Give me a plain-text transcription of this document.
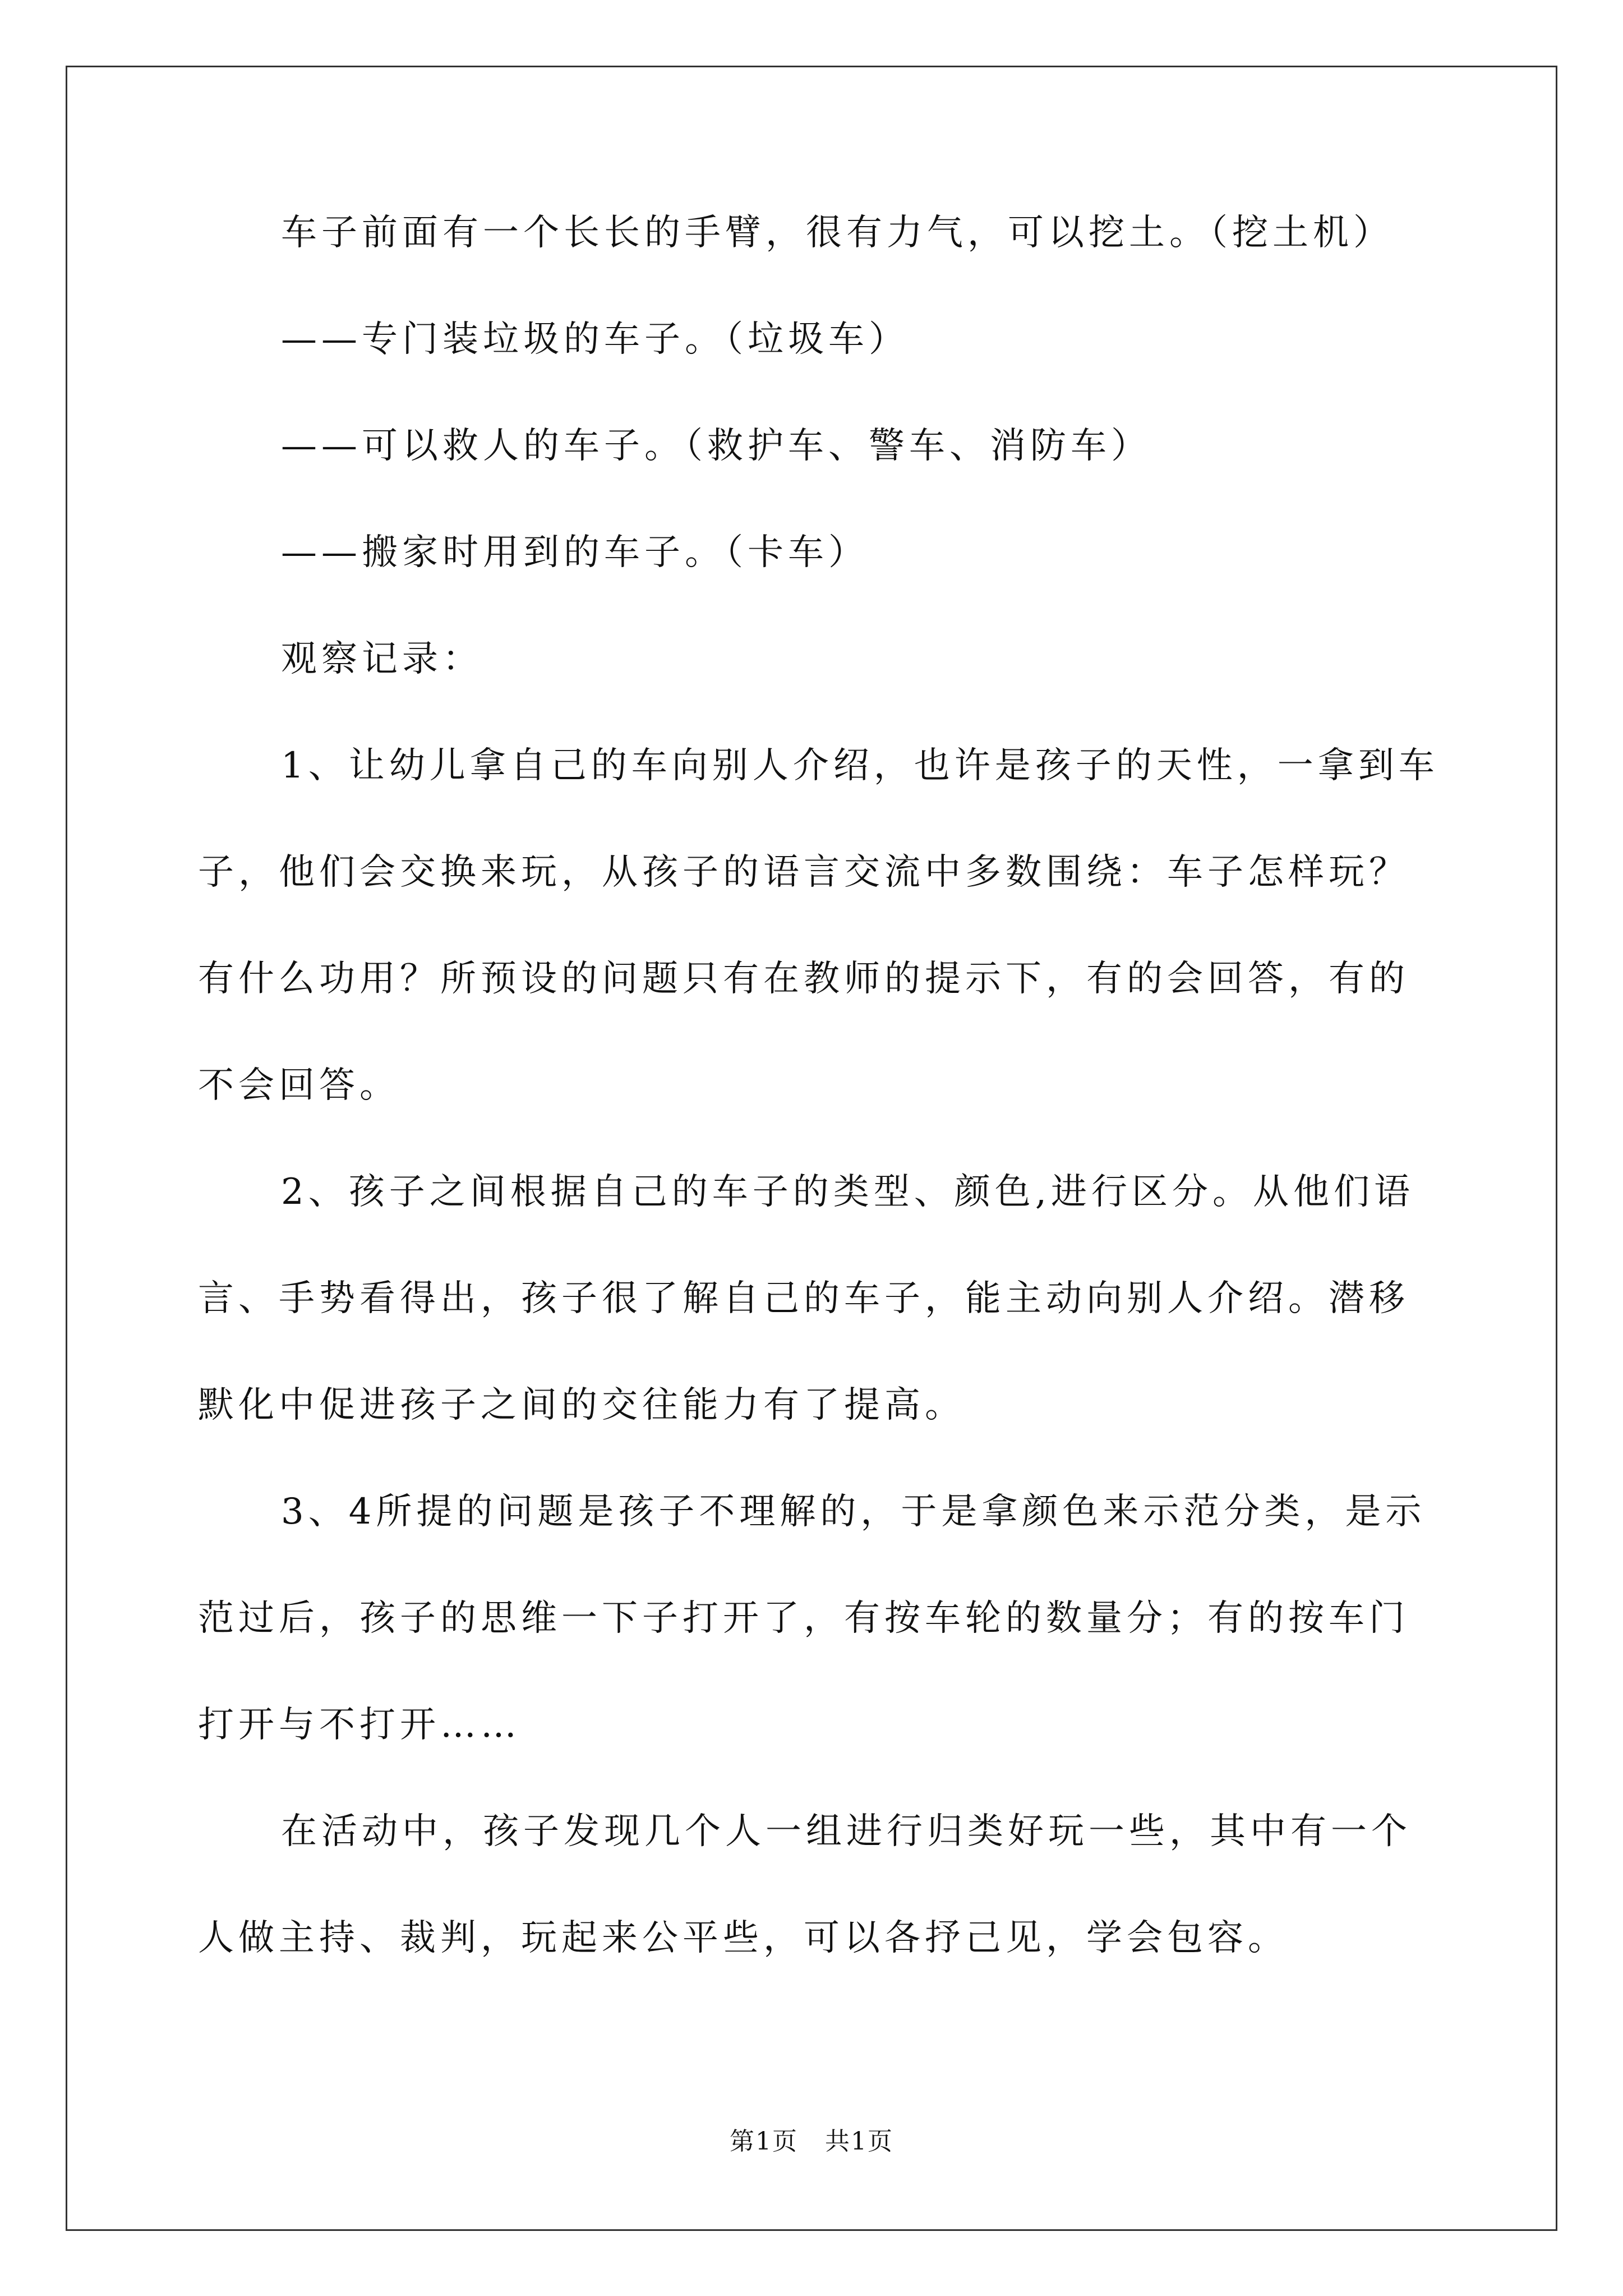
车子前面有一个长长的手臂，很有力气，可以挖土。（挖土机）
——专门装垃圾的车子。（垃圾车）
——可以救人的车子。（救护车、警车、消防车）
——搬家时用到的车子。（卡车）
观察记录：
1、让幼儿拿自己的车向别人介绍，也许是孩子的天性，一拿到车
子，他们会交换来玩，从孩子的语言交流中多数围绕：车子怎样玩？
有什么功用？所预设的问题只有在教师的提示下，有的会回答，有的
不会回答。
2、孩子之间根据自己的车子的类型、颜色,进行区分。从他们语
言、手势看得出，孩子很了解自己的车子，能主动向别人介绍。潜移
默化中促进孩子之间的交往能力有了提高。
3、4所提的问题是孩子不理解的，于是拿颜色来示范分类，是示
范过后，孩子的思维一下子打开了，有按车轮的数量分；有的按车门
打开与不打开……
在活动中，孩子发现几个人一组进行归类好玩一些，其中有一个
人做主持、裁判，玩起来公平些，可以各抒己见，学会包容。
第1页   共1页
